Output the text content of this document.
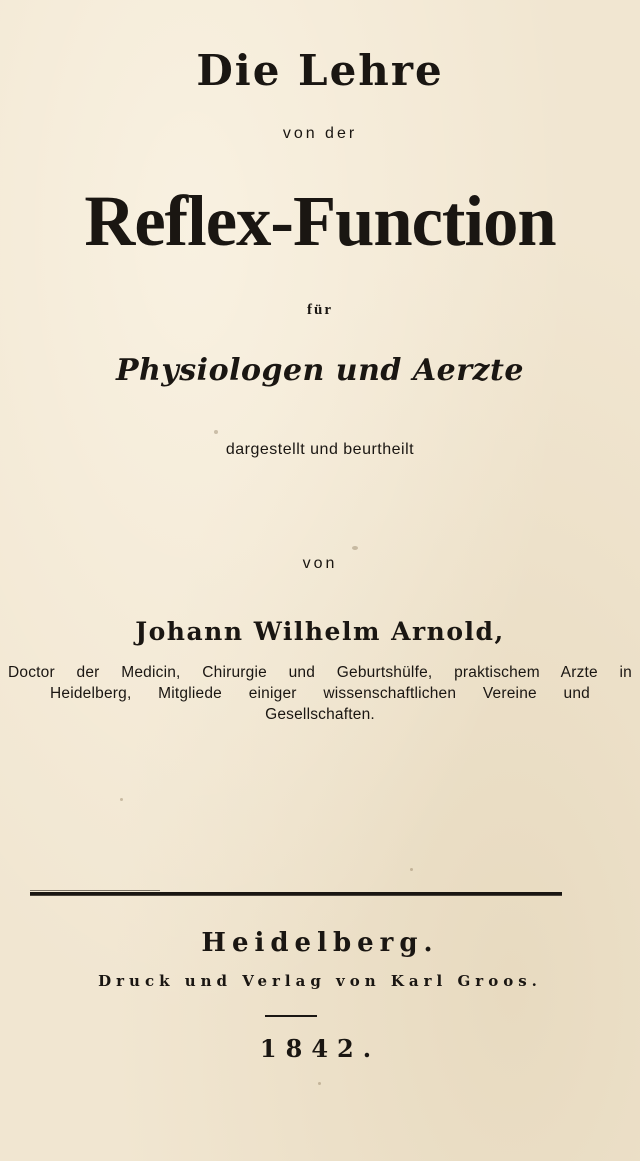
Die Lehre
von der
Reflex-Function
für
Physiologen und Aerzte
dargestellt und beurtheilt
von
Johann Wilhelm Arnold,
Doctor der Medicin, Chirurgie und Geburtshülfe, praktischem Arzte in
Heidelberg, Mitgliede einiger wissenschaftlichen Vereine und
Gesellschaften.
Heidelberg.
Druck und Verlag von Karl Groos.
1842.
